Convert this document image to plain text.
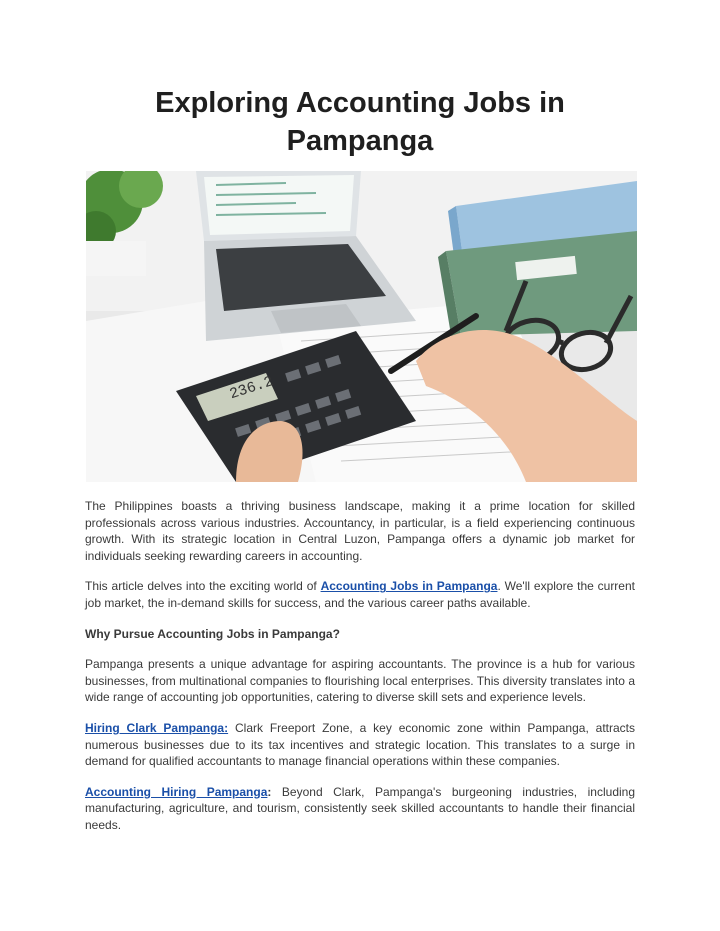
Exploring Accounting Jobs in Pampanga
236.2

The Philippines boasts a thriving business landscape, making it a prime location for skilled professionals across various industries. Accountancy, in particular, is a field experiencing continuous growth. With its strategic location in Central Luzon, Pampanga offers a dynamic job market for individuals seeking rewarding careers in accounting.

This article delves into the exciting world of Accounting Jobs in Pampanga. We'll explore the current job market, the in-demand skills for success, and the various career paths available.

Why Pursue Accounting Jobs in Pampanga?

Pampanga presents a unique advantage for aspiring accountants. The province is a hub for various businesses, from multinational companies to flourishing local enterprises. This diversity translates into a wide range of accounting job opportunities, catering to diverse skill sets and experience levels.

Hiring Clark Pampanga: Clark Freeport Zone, a key economic zone within Pampanga, attracts numerous businesses due to its tax incentives and strategic location. This translates to a surge in demand for qualified accountants to manage financial operations within these companies.

Accounting Hiring Pampanga: Beyond Clark, Pampanga's burgeoning industries, including manufacturing, agriculture, and tourism, consistently seek skilled accountants to handle their financial needs.
